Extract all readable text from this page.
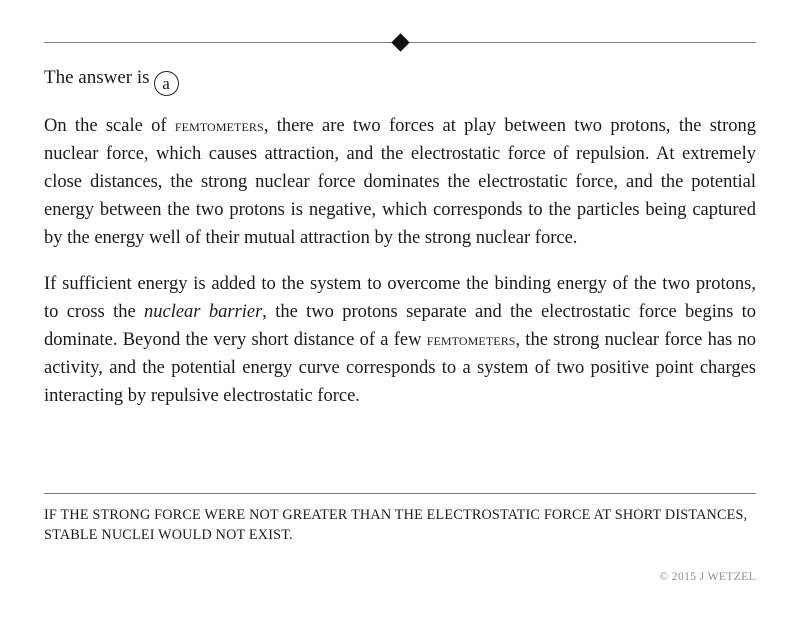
The answer is a

On the scale of femtometers, there are two forces at play between two protons, the strong nuclear force, which causes attraction, and the electrostatic force of repulsion. At extremely close distances, the strong nuclear force dominates the electrostatic force, and the potential energy between the two protons is negative, which corresponds to the particles being captured by the energy well of their mutual attraction by the strong nuclear force.

If sufficient energy is added to the system to overcome the binding energy of the two protons, to cross the nuclear barrier, the two protons separate and the electrostatic force begins to dominate. Beyond the very short distance of a few femtometers, the strong nuclear force has no activity, and the potential energy curve corresponds to a system of two positive point charges interacting by repulsive electrostatic force.

IF THE STRONG FORCE WERE NOT GREATER THAN THE ELECTROSTATIC FORCE AT SHORT DISTANCES, STABLE NUCLEI WOULD NOT EXIST.

© 2015 J WETZEL
